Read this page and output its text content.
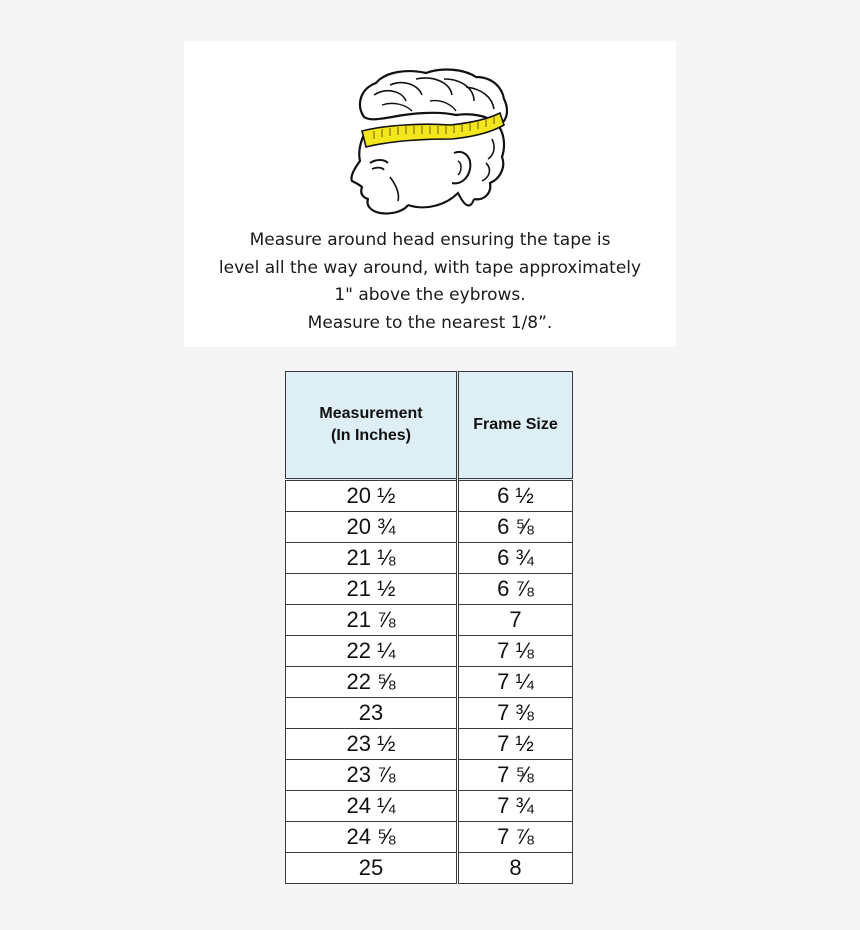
Measure around head ensuring the tape is
level all the way around, with tape approximately
1" above the eybrows.
Measure to the nearest 1/8”.
Measurement
(In Inches)	Frame Size
20 ½	6 ½
20 ¾	6 ⅝
21 ⅛	6 ¾
21 ½	6 ⅞
21 ⅞	7
22 ¼	7 ⅛
22 ⅝	7 ¼
23	7 ⅜
23 ½	7 ½
23 ⅞	7 ⅝
24 ¼	7 ¾
24 ⅝	7 ⅞
25	8
